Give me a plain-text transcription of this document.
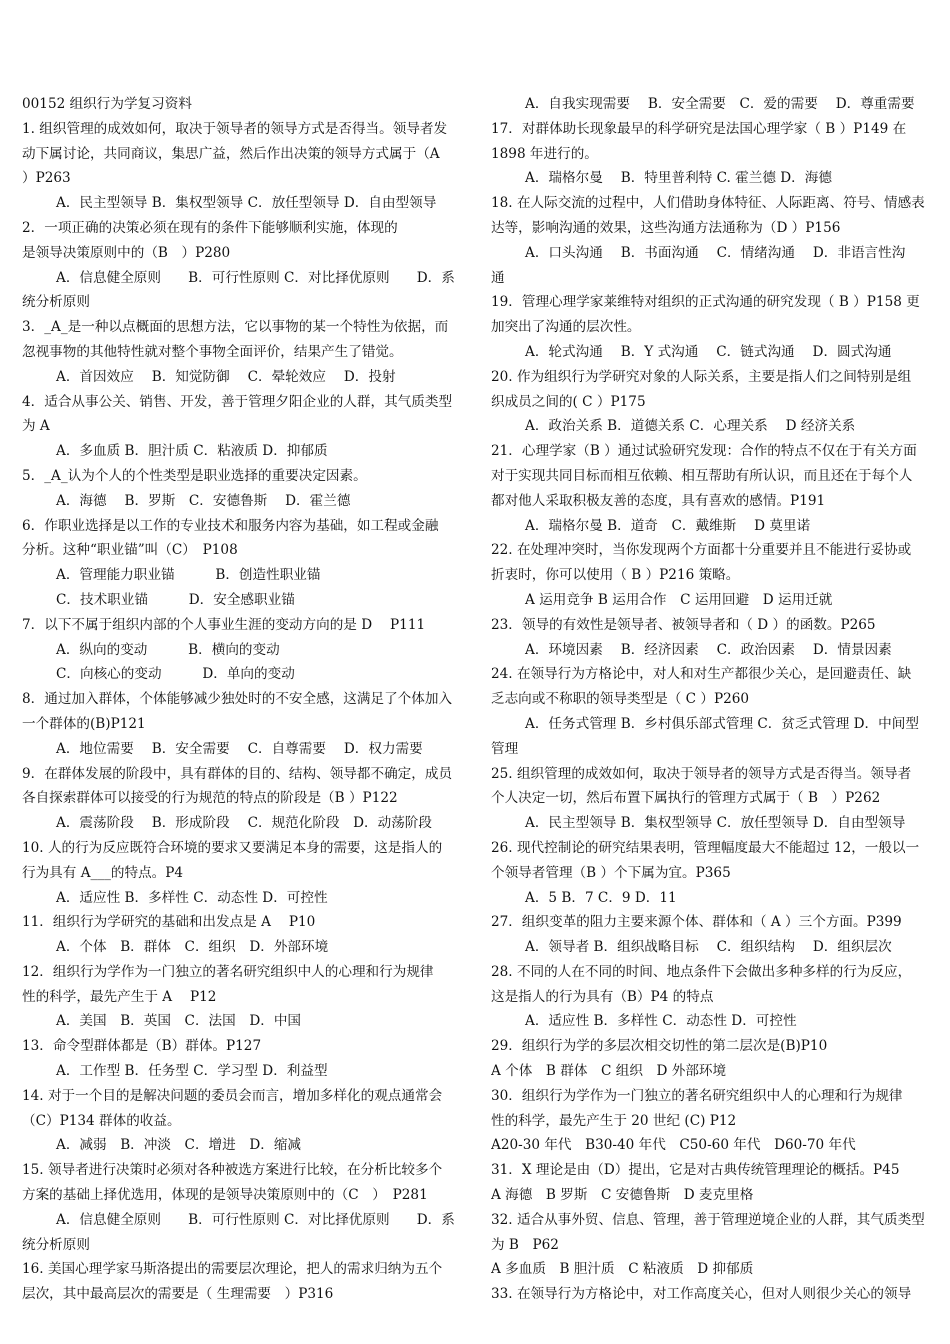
00152 组织行为学复习资料
1. 组织管理的成效如何，取决于领导者的领导方式是否得当。领导者发
动下属讨论，共同商议，集思广益，然后作出决策的领导方式属于（A
）P263
A．民主型领导 B．集权型领导 C．放任型领导 D．自由型领导
2．一项正确的决策必须在现有的条件下能够顺利实施，体现的
是领导决策原则中的（B　）P280
A．信息健全原则　　B．可行性原则 C．对比择优原则　　D．系
统分析原则
3．_A_是一种以点概面的思想方法，它以事物的某一个特性为依据，而
忽视事物的其他特性就对整个事物全面评价，结果产生了错觉。
A．首因效应　 B．知觉防御　 C．晕轮效应　 D．投射
4．适合从事公关、销售、开发，善于管理夕阳企业的人群，其气质类型
为 A
A．多血质 B．胆汁质 C．粘液质 D．抑郁质
5．_A_认为个人的个性类型是职业选择的重要决定因素。
A．海德　 B．罗斯　C．安德鲁斯　 D．霍兰德
6．作职业选择是以工作的专业技术和服务内容为基础，如工程或金融
分析。这种“职业锚”叫（C）　P108
A．管理能力职业锚　　　B．创造性职业锚
C．技术职业锚　　　D．安全感职业锚
7．以下不属于组织内部的个人事业生涯的变动方向的是 D　 P111
A．纵向的变动　　　B．横向的变动
C．向核心的变动　　　D．单向的变动
8．通过加入群体，个体能够减少独处时的不安全感，这满足了个体加入
一个群体的(B)P121
A．地位需要　 B．安全需要　 C．自尊需要　 D．权力需要
9．在群体发展的阶段中，具有群体的目的、结构、领导都不确定，成员
各自探索群体可以接受的行为规范的特点的阶段是（B ）P122
A．震荡阶段　 B．形成阶段　 C．规范化阶段　D．动荡阶段
10. 人的行为反应既符合环境的要求又要满足本身的需要，这是指人的
行为具有 A___的特点。P4
A．适应性 B．多样性 C．动态性 D．可控性
11．组织行为学研究的基础和出发点是 A　 P10
A．个体　B．群体　C．组织　D．外部环境
12．组织行为学作为一门独立的著名研究组织中人的心理和行为规律
性的科学，最先产生于 A　 P12
A．美国　B．英国　C．法国　D．中国
13．命令型群体都是（B）群体。P127
A．工作型 B．任务型 C．学习型 D．利益型
14. 对于一个目的是解决问题的委员会而言，增加多样化的观点通常会
（C）P134 群体的收益。
A．减弱　B．冲淡　C．增进　D．缩减
15. 领导者进行决策时必须对各种被选方案进行比较，在分析比较多个
方案的基础上择优选用，体现的是领导决策原则中的（C　）　P281
A．信息健全原则　　B．可行性原则 C．对比择优原则　　D．系
统分析原则
16. 美国心理学家马斯洛提出的需要层次理论，把人的需求归纳为五个
层次，其中最高层次的需要是（ 生理需要　）P316
A．自我实现需要　 B．安全需要　C．爱的需要　 D．尊重需要
17．对群体助长现象最早的科学研究是法国心理学家（ B ）P149 在
1898 年进行的。
A．瑞格尔曼　 B．特里普利特 C. 霍兰德 D．海德
18. 在人际交流的过程中，人们借助身体特征、人际距离、符号、情感表
达等，影响沟通的效果，这些沟通方法通称为（D ）P156
A．口头沟通　 B．书面沟通　 C．情绪沟通　 D．非语言性沟
通
19．管理心理学家莱维特对组织的正式沟通的研究发现（ B ）P158 更
加突出了沟通的层次性。
A．轮式沟通　 B．Y 式沟通　 C．链式沟通　 D．圆式沟通
20. 作为组织行为学研究对象的人际关系，主要是指人们之间特别是组
织成员之间的( C ）P175
A．政治关系 B．道德关系 C．心理关系　 D 经济关系
21．心理学家（B ）通过试验研究发现：合作的特点不仅在于有关方面
对于实现共同目标而相互依赖、相互帮助有所认识，而且还在于每个人
都对他人采取积极友善的态度，具有喜欢的感情。P191
A．瑞格尔曼 B．道奇　C．戴维斯　 D 莫里诺
22. 在处理冲突时，当你发现两个方面都十分重要并且不能进行妥协或
折衷时，你可以使用（ B ）P216 策略。
A 运用竞争 B 运用合作　C 运用回避　D 运用迁就
23．领导的有效性是领导者、被领导者和（ D ）的函数。P265
A．环境因素　 B．经济因素　 C．政治因素　 D．情景因素
24. 在领导行为方格论中，对人和对生产都很少关心，是回避责任、缺
乏志向或不称职的领导类型是（ C ）P260
A．任务式管理 B．乡村俱乐部式管理 C．贫乏式管理 D．中间型
管理
25. 组织管理的成效如何，取决于领导者的领导方式是否得当。领导者
个人决定一切，然后布置下属执行的管理方式属于（ B　）P262
A．民主型领导 B．集权型领导 C．放任型领导 D．自由型领导
26. 现代控制论的研究结果表明，管理幅度最大不能超过 12，一般以一
个领导者管理（B ）个下属为宜。P365
A．5 B．7 C．9 D．11
27．组织变革的阻力主要来源个体、群体和（ A ）三个方面。P399
A．领导者 B．组织战略目标　 C．组织结构　 D．组织层次
28. 不同的人在不同的时间、地点条件下会做出多种多样的行为反应，
这是指人的行为具有（B）P4 的特点
A．适应性 B．多样性 C．动态性 D．可控性
29．组织行为学的多层次相交切性的第二层次是(B)P10
A 个体　B 群体　C 组织　D 外部环境
30．组织行为学作为一门独立的著名研究组织中人的心理和行为规律
性的科学，最先产生于 20 世纪 (C) P12
A20-30 年代　B30-40 年代　C50-60 年代　D60-70 年代
31．X 理论是由（D）提出，它是对古典传统管理理论的概括。P45
A 海德　B 罗斯　C 安德鲁斯　D 麦克里格
32. 适合从事外贸、信息、管理，善于管理逆境企业的人群，其气质类型
为 B　P62
A 多血质　B 胆汁质　C 粘液质　D 抑郁质
33. 在领导行为方格论中，对工作高度关心，但对人则很少关心的领导
